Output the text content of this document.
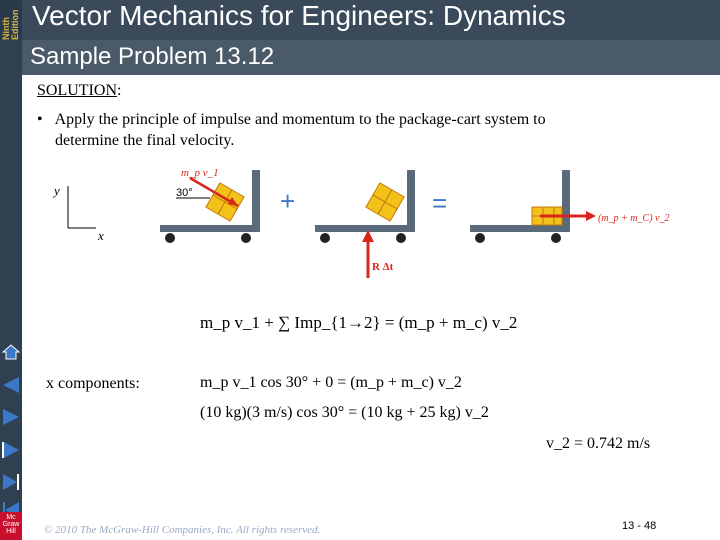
Ninth Edition Vector Mechanics for Engineers: Dynamics
Sample Problem 13.12
Mc
Graw
Hill
SOLUTION:
•   Apply the principle of impulse and momentum to the package-cart system to determine the final velocity.
y
x
30°
m_p v_1
+
R Δt
=
(m_p + m_C) v_2
m_p v_1 + ∑ Imp_{1→2} = (m_p + m_c) v_2
x components:	m_p v_1 cos 30° + 0 = (m_p + m_c) v_2
(10 kg)(3 m/s) cos 30° = (10 kg + 25 kg) v_2
v_2 = 0.742 m/s
© 2010 The McGraw-Hill Companies, Inc. All rights reserved.	13 - 48
